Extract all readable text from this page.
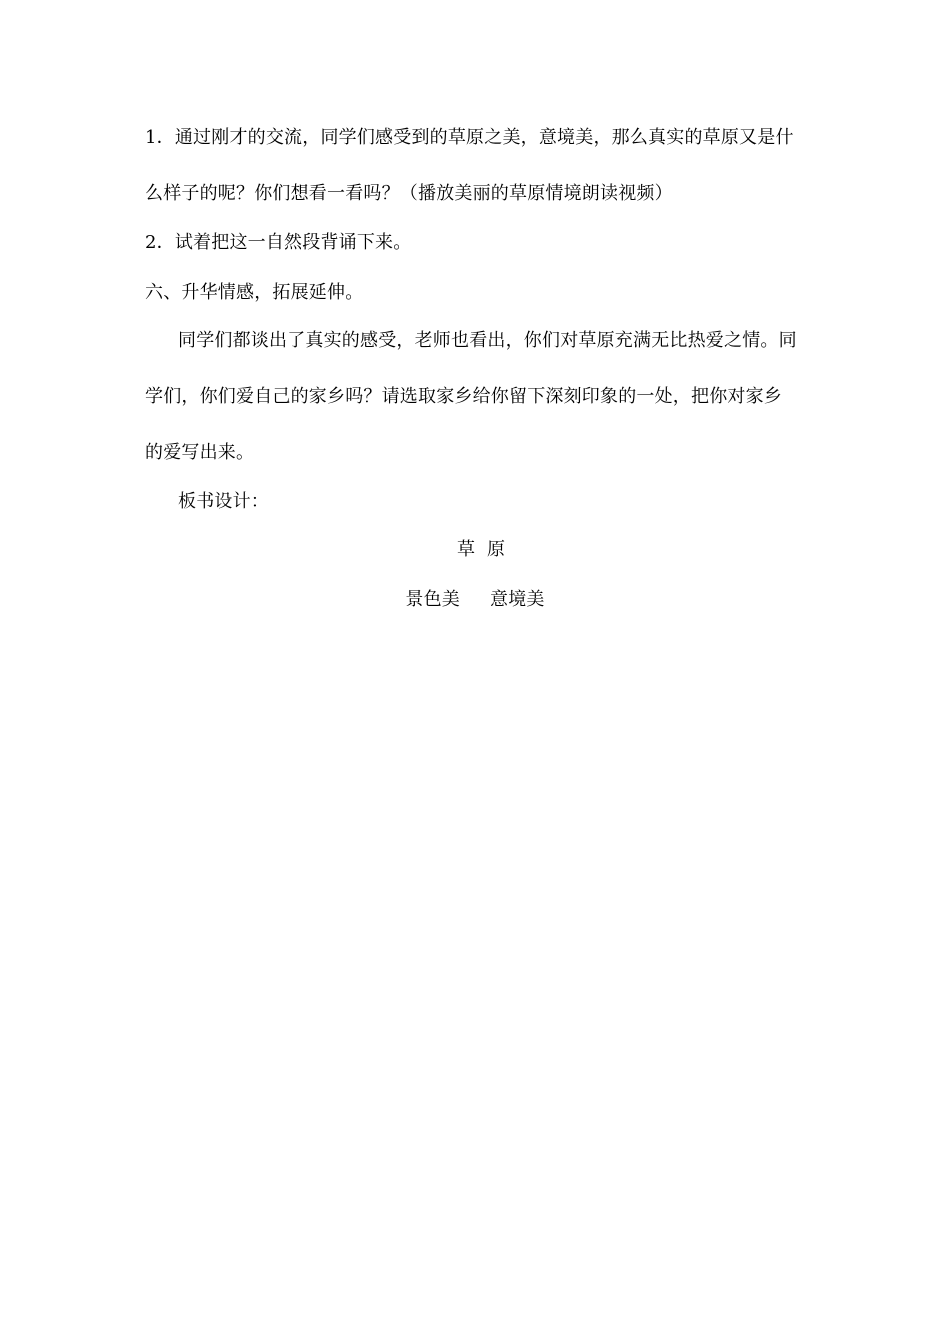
1．通过刚才的交流，同学们感受到的草原之美，意境美，那么真实的草原又是什
么样子的呢？你们想看一看吗？（播放美丽的草原情境朗读视频）
2．试着把这一自然段背诵下来。
六、升华情感，拓展延伸。
同学们都谈出了真实的感受，老师也看出，你们对草原充满无比热爱之情。同
学们，你们爱自己的家乡吗？请选取家乡给你留下深刻印象的一处，把你对家乡
的爱写出来。
板书设计：
草原
景色美 意境美
